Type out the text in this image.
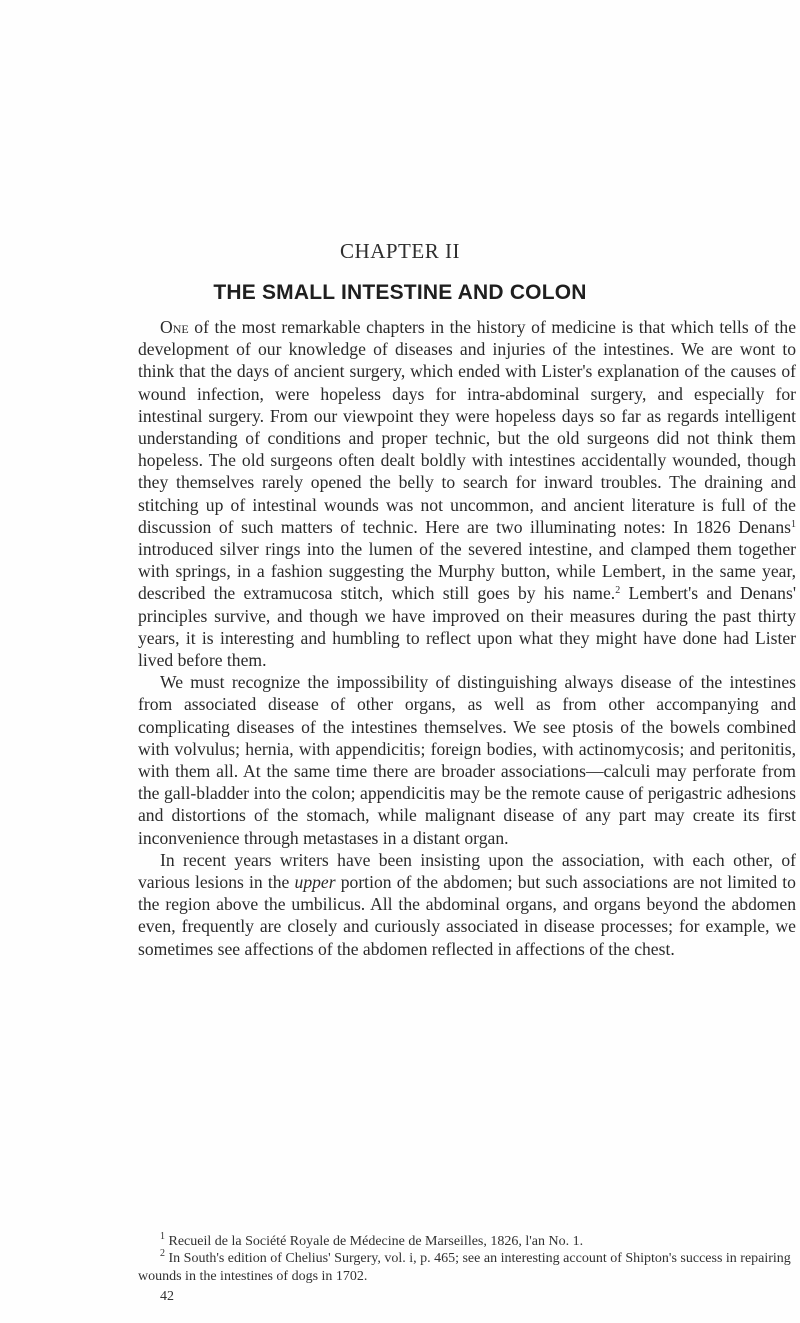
CHAPTER II
THE SMALL INTESTINE AND COLON

One of the most remarkable chapters in the history of medicine is that which tells of the development of our knowledge of diseases and injuries of the intestines. We are wont to think that the days of ancient surgery, which ended with Lister's explanation of the causes of wound infection, were hopeless days for intra-abdominal surgery, and especially for intestinal surgery. From our viewpoint they were hopeless days so far as regards intelligent understanding of conditions and proper technic, but the old surgeons did not think them hopeless. The old surgeons often dealt boldly with intestines accidentally wounded, though they themselves rarely opened the belly to search for inward troubles. The draining and stitching up of intestinal wounds was not uncommon, and ancient literature is full of the discussion of such matters of technic. Here are two illuminating notes: In 1826 Denans$^1$ introduced silver rings into the lumen of the severed intestine, and clamped them together with springs, in a fashion suggesting the Murphy button, while Lembert, in the same year, described the extramucosa stitch, which still goes by his name.$^2$ Lembert's and Denans' principles survive, and though we have improved on their measures during the past thirty years, it is interesting and humbling to reflect upon what they might have done had Lister lived before them.

We must recognize the impossibility of distinguishing always disease of the intestines from associated disease of other organs, as well as from other accompanying and complicating diseases of the intestines themselves. We see ptosis of the bowels combined with volvulus; hernia, with appendicitis; foreign bodies, with actinomycosis; and peritonitis, with them all. At the same time there are broader associations—calculi may perforate from the gall-bladder into the colon; appendicitis may be the remote cause of perigastric adhesions and distortions of the stomach, while malignant disease of any part may create its first inconvenience through metastases in a distant organ.

In recent years writers have been insisting upon the association, with each other, of various lesions in the upper portion of the abdomen; but such associations are not limited to the region above the umbilicus. All the abdominal organs, and organs beyond the abdomen even, frequently are closely and curiously associated in disease processes; for example, we sometimes see affections of the abdomen reflected in affections of the chest.

$^1$ Recueil de la Société Royale de Médecine de Marseilles, 1826, l'an No. 1.

$^2$ In South's edition of Chelius' Surgery, vol. i, p. 465; see an interesting account of Shipton's success in repairing wounds in the intestines of dogs in 1702.

42
